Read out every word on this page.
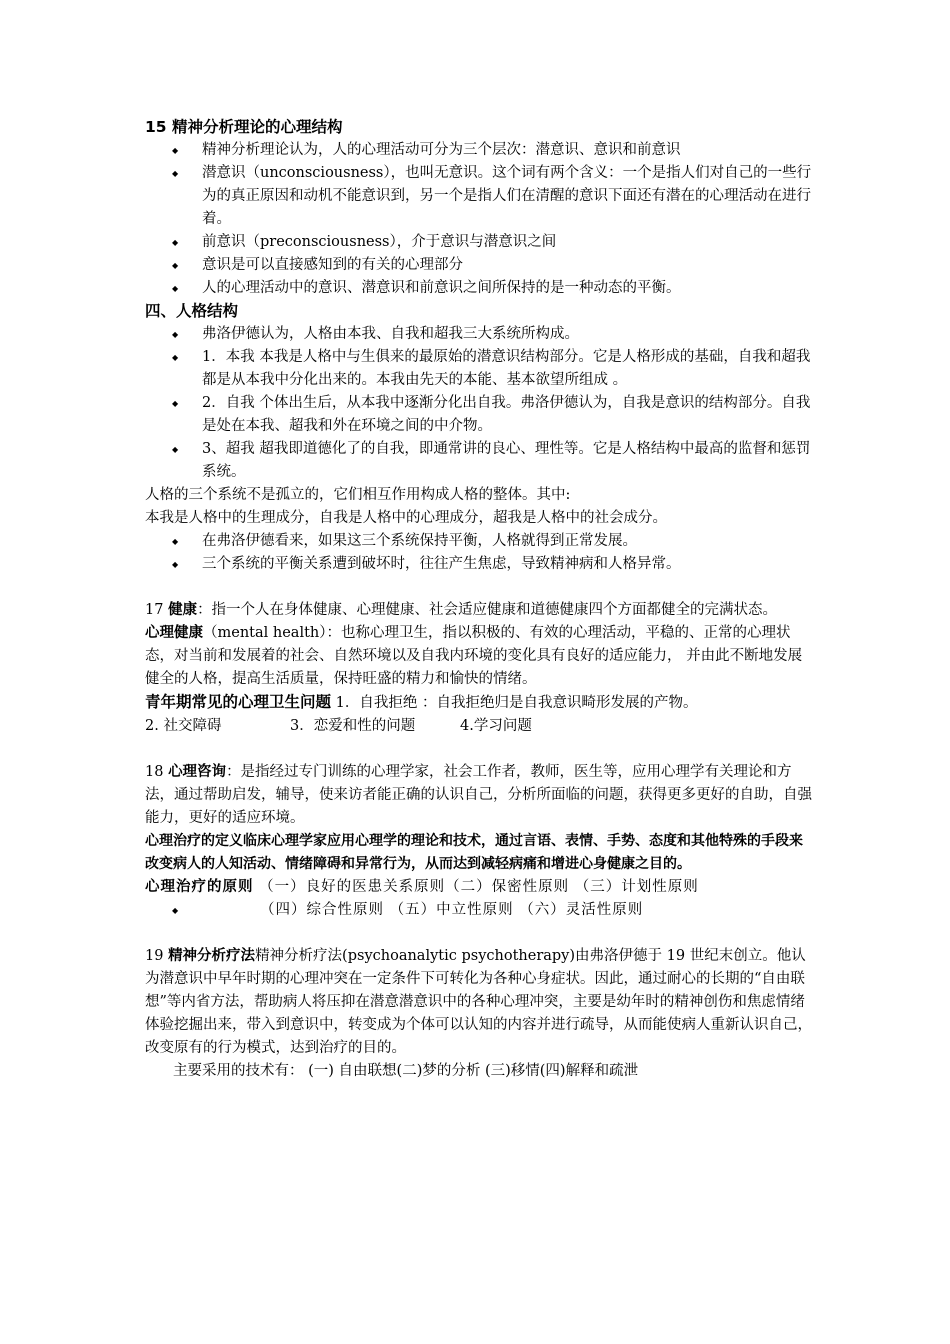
15 精神分析理论的心理结构

◆ 精神分析理论认为，人的心理活动可分为三个层次：潜意识、意识和前意识
◆ 潜意识（unconsciousness），也叫无意识。这个词有两个含义：一个是指人们对自己的一些行为的真正原因和动机不能意识到，另一个是指人们在清醒的意识下面还有潜在的心理活动在进行着。
◆ 前意识（preconsciousness），介于意识与潜意识之间
◆ 意识是可以直接感知到的有关的心理部分
◆ 人的心理活动中的意识、潜意识和前意识之间所保持的是一种动态的平衡。

四、人格结构

◆ 弗洛伊德认为，人格由本我、自我和超我三大系统所构成。
◆ 1．本我 本我是人格中与生俱来的最原始的潜意识结构部分。它是人格形成的基础，自我和超我都是从本我中分化出来的。本我由先天的本能、基本欲望所组成 。
◆ 2．自我 个体出生后，从本我中逐渐分化出自我。弗洛伊德认为，自我是意识的结构部分。自我是处在本我、超我和外在环境之间的中介物。
◆ 3、超我 超我即道德化了的自我，即通常讲的良心、理性等。它是人格结构中最高的监督和惩罚系统。

人格的三个系统不是孤立的，它们相互作用构成人格的整体。其中:

本我是人格中的生理成分，自我是人格中的心理成分，超我是人格中的社会成分。

◆ 在弗洛伊德看来，如果这三个系统保持平衡，人格就得到正常发展。
◆ 三个系统的平衡关系遭到破坏时，往往产生焦虑，导致精神病和人格异常。

17 健康：指一个人在身体健康、心理健康、社会适应健康和道德健康四个方面都健全的完满状态。

心理健康（mental health）：也称心理卫生，指以积极的、有效的心理活动，平稳的、正常的心理状态，对当前和发展着的社会、自然环境以及自我内环境的变化具有良好的适应能力， 并由此不断地发展健全的人格，提高生活质量，保持旺盛的精力和愉快的情绪。

青年期常见的心理卫生问题 1．自我拒绝 ：自我拒绝归是自我意识畸形发展的产物。

2. 社交障碍	3．恋爱和性的问题	4.学习问题

18 心理咨询：是指经过专门训练的心理学家，社会工作者，教师，医生等，应用心理学有关理论和方法，通过帮助启发，辅导，使来访者能正确的认识自己，分析所面临的问题，获得更多更好的自助，自强能力，更好的适应环境。

心理治疗的定义临床心理学家应用心理学的理论和技术，通过言语、表情、手势、态度和其他特殊的手段来改变病人的人知活动、情绪障碍和异常行为，从而达到减轻病痛和增进心身健康之目的。

心理治疗的原则 （一）良好的医患关系原则（二）保密性原则 （三）计划性原则

◆ （四）综合性原则 （五）中立性原则 （六）灵活性原则

19 精神分析疗法精神分析疗法(psychoanalytic psychotherapy)由弗洛伊德于 19 世纪末创立。他认为潜意识中早年时期的心理冲突在一定条件下可转化为各种心身症状。因此，通过耐心的长期的“自由联想”等内省方法，帮助病人将压抑在潜意潜意识中的各种心理冲突，主要是幼年时的精神创伤和焦虑情绪体验挖掘出来，带入到意识中，转变成为个体可以认知的内容并进行疏导，从而能使病人重新认识自己，改变原有的行为模式，达到治疗的目的。

主要采用的技术有： (一) 自由联想(二)梦的分析 (三)移情(四)解释和疏泄
